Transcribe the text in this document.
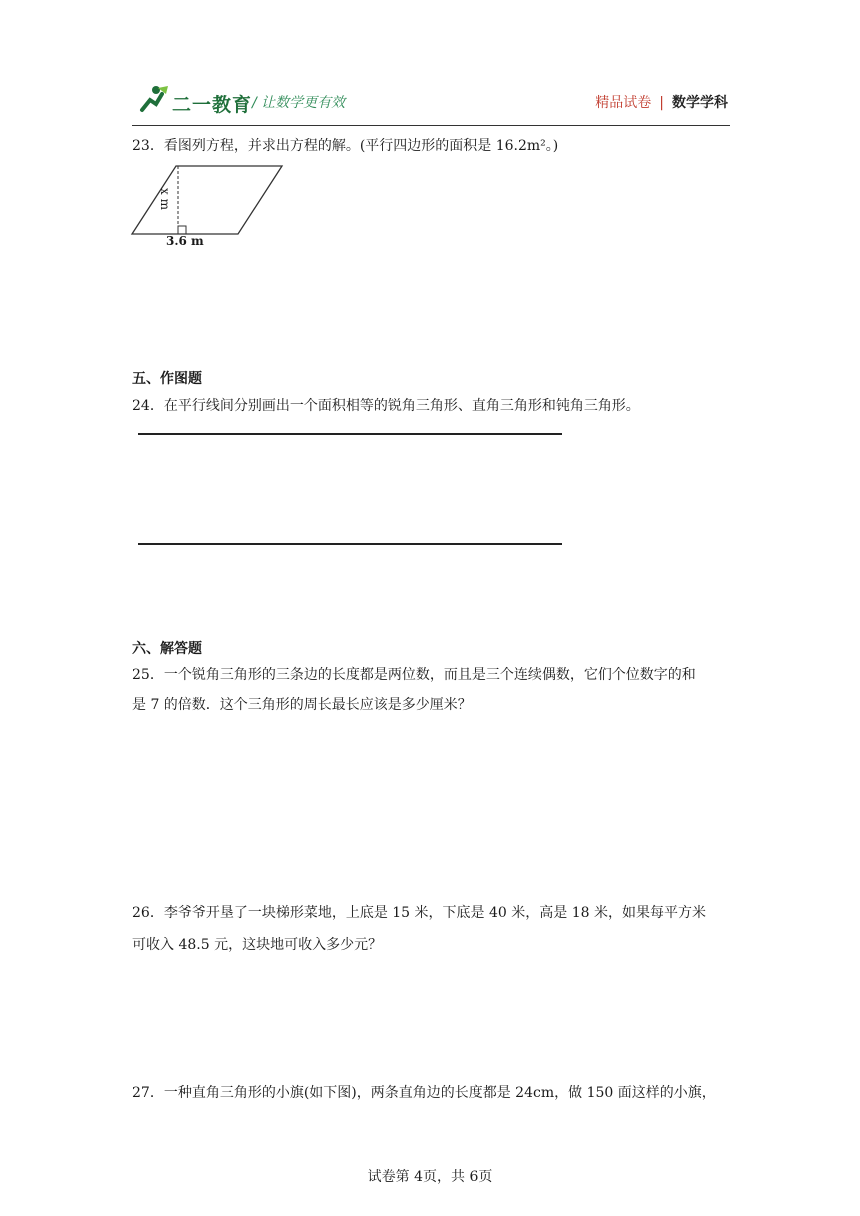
二一教育 / 让数学更有效	精品试卷 | 数学学科
23．看图列方程，并求出方程的解。(平行四边形的面积是 16.2m²。)
x m
3.6 m
五、作图题
24．在平行线间分别画出一个面积相等的锐角三角形、直角三角形和钝角三角形。
六、解答题
25．一个锐角三角形的三条边的长度都是两位数，而且是三个连续偶数，它们个位数字的和
是 7 的倍数．这个三角形的周长最长应该是多少厘米？
26．李爷爷开垦了一块梯形菜地，上底是 15 米，下底是 40 米，高是 18 米，如果每平方米
可收入 48.5 元，这块地可收入多少元？
27．一种直角三角形的小旗(如下图)，两条直角边的长度都是 24cm，做 150 面这样的小旗，
试卷第 4页，共 6页
